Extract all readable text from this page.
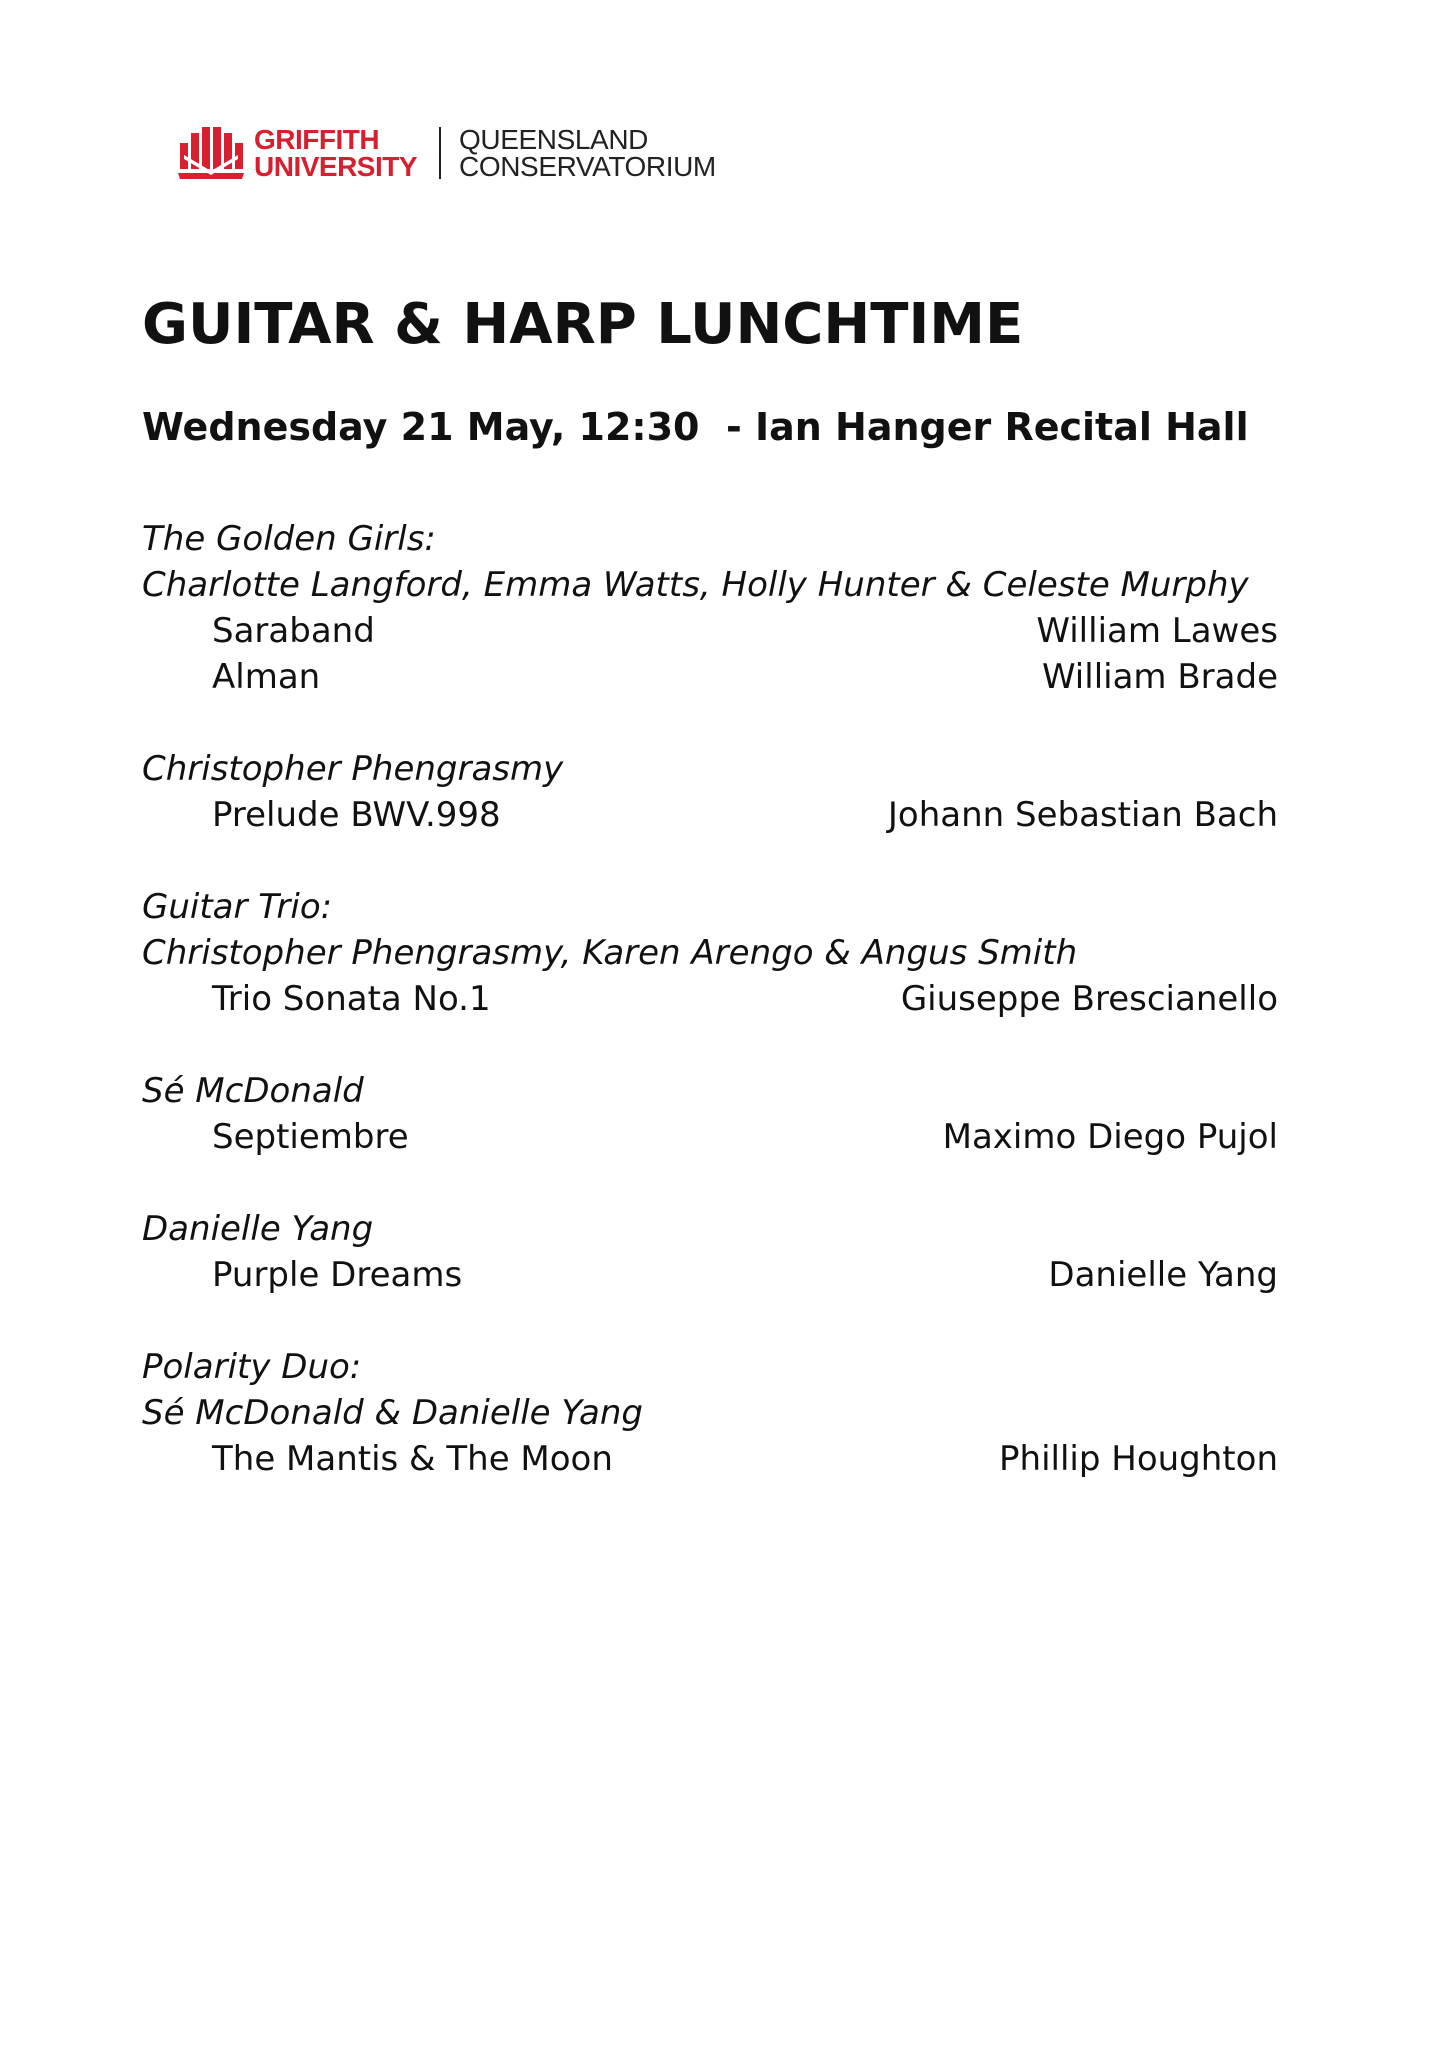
GRIFFITH
UNIVERSITY
QUEENSLAND
CONSERVATORIUM
GUITAR & HARP LUNCHTIME
Wednesday 21 May, 12:30  - Ian Hanger Recital Hall
The Golden Girls:
Charlotte Langford, Emma Watts, Holly Hunter & Celeste Murphy
Saraband	William Lawes
Alman	William Brade
Christopher Phengrasmy
Prelude BWV.998	Johann Sebastian Bach
Guitar Trio:
Christopher Phengrasmy, Karen Arengo & Angus Smith
Trio Sonata No.1	Giuseppe Brescianello
Sé McDonald
Septiembre	Maximo Diego Pujol
Danielle Yang
Purple Dreams	Danielle Yang
Polarity Duo:
Sé McDonald & Danielle Yang
The Mantis & The Moon	Phillip Houghton
